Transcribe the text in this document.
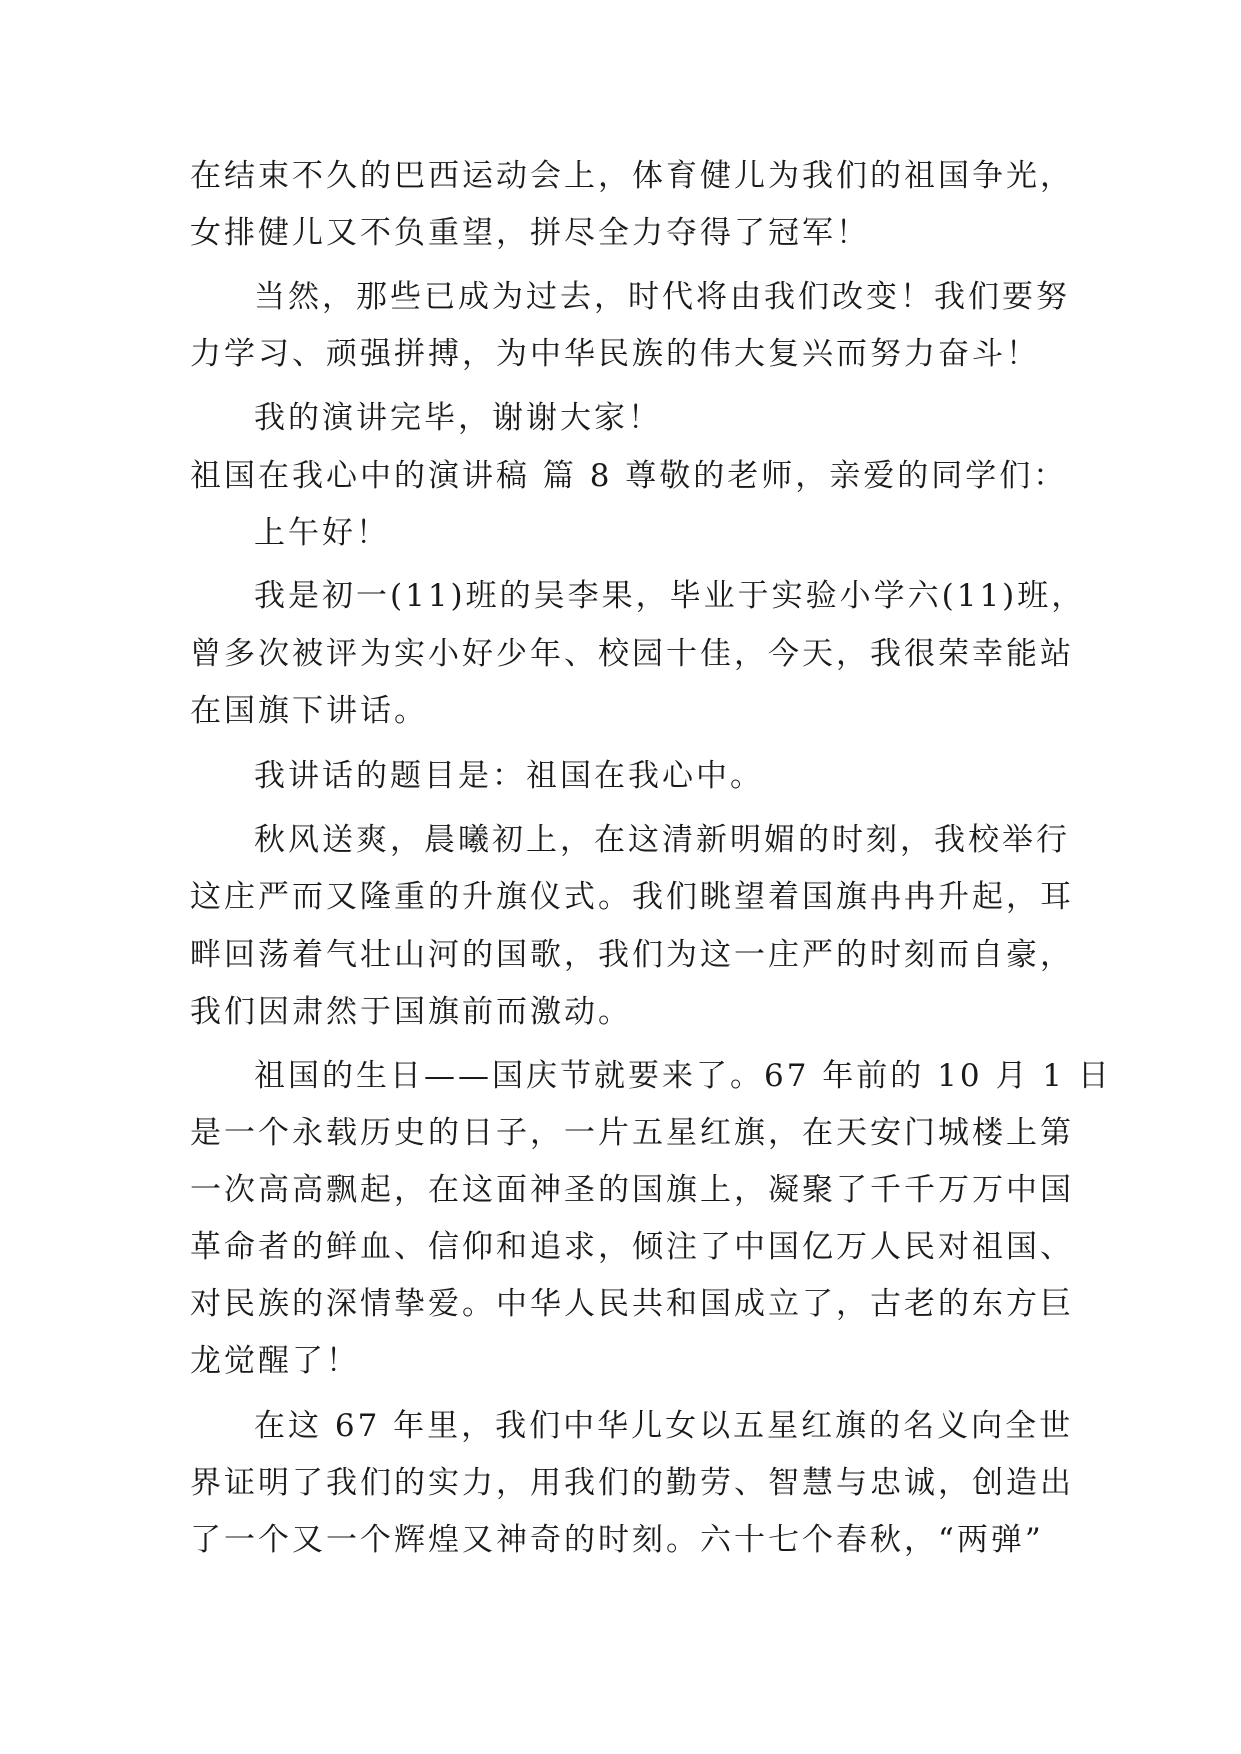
在结束不久的巴西运动会上，体育健儿为我们的祖国争光，
女排健儿又不负重望，拼尽全力夺得了冠军！
当然，那些已成为过去，时代将由我们改变！我们要努
力学习、顽强拼搏，为中华民族的伟大复兴而努力奋斗！
我的演讲完毕，谢谢大家！
祖国在我心中的演讲稿 篇 8 尊敬的老师，亲爱的同学们：
上午好！
我是初一(11)班的吴李果，毕业于实验小学六(11)班，
曾多次被评为实小好少年、校园十佳，今天，我很荣幸能站
在国旗下讲话。
我讲话的题目是：祖国在我心中。
秋风送爽，晨曦初上，在这清新明媚的时刻，我校举行
这庄严而又隆重的升旗仪式。我们眺望着国旗冉冉升起，耳
畔回荡着气壮山河的国歌，我们为这一庄严的时刻而自豪，
我们因肃然于国旗前而激动。
祖国的生日——国庆节就要来了。67 年前的 10 月 1 日
是一个永载历史的日子，一片五星红旗，在天安门城楼上第
一次高高飘起，在这面神圣的国旗上，凝聚了千千万万中国
革命者的鲜血、信仰和追求，倾注了中国亿万人民对祖国、
对民族的深情挚爱。中华人民共和国成立了，古老的东方巨
龙觉醒了！
在这 67 年里，我们中华儿女以五星红旗的名义向全世
界证明了我们的实力，用我们的勤劳、智慧与忠诚，创造出
了一个又一个辉煌又神奇的时刻。六十七个春秋，“两弹”
